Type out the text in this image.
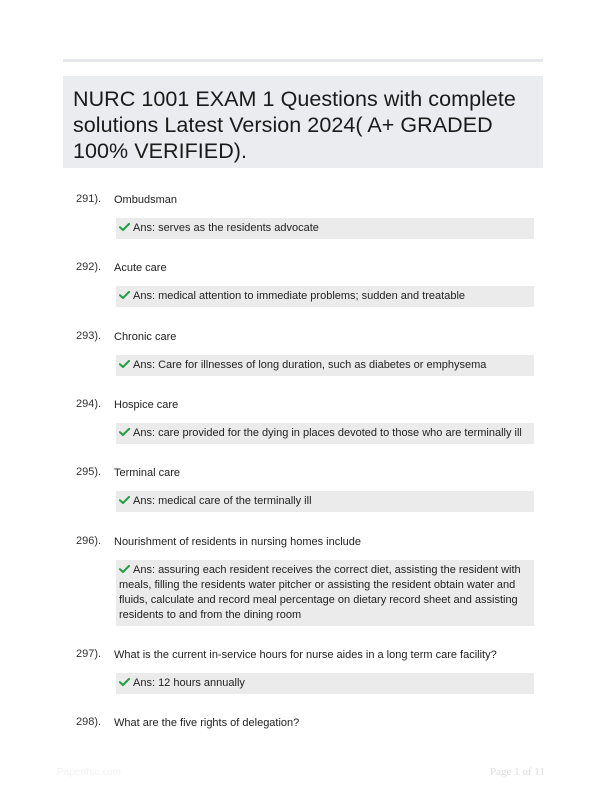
NURC 1001 EXAM 1 Questions with complete
solutions Latest Version 2024( A+ GRADED
100% VERIFIED).
291). Ombudsman
Ans: serves as the residents advocate
292). Acute care
Ans: medical attention to immediate problems; sudden and treatable
293). Chronic care
Ans: Care for illnesses of long duration, such as diabetes or emphysema
294). Hospice care
Ans: care provided for the dying in places devoted to those who are terminally ill
295). Terminal care
Ans: medical care of the terminally ill
296). Nourishment of residents in nursing homes include
Ans: assuring each resident receives the correct diet, assisting the resident with meals, filling the residents water pitcher or assisting the resident obtain water and fluids, calculate and record meal percentage on dietary record sheet and assisting residents to and from the dining room
297). What is the current in-service hours for nurse aides in a long term care facility?
Ans: 12 hours annually
298). What are the five rights of delegation?
Paperthic.com	Page 1 of 11
